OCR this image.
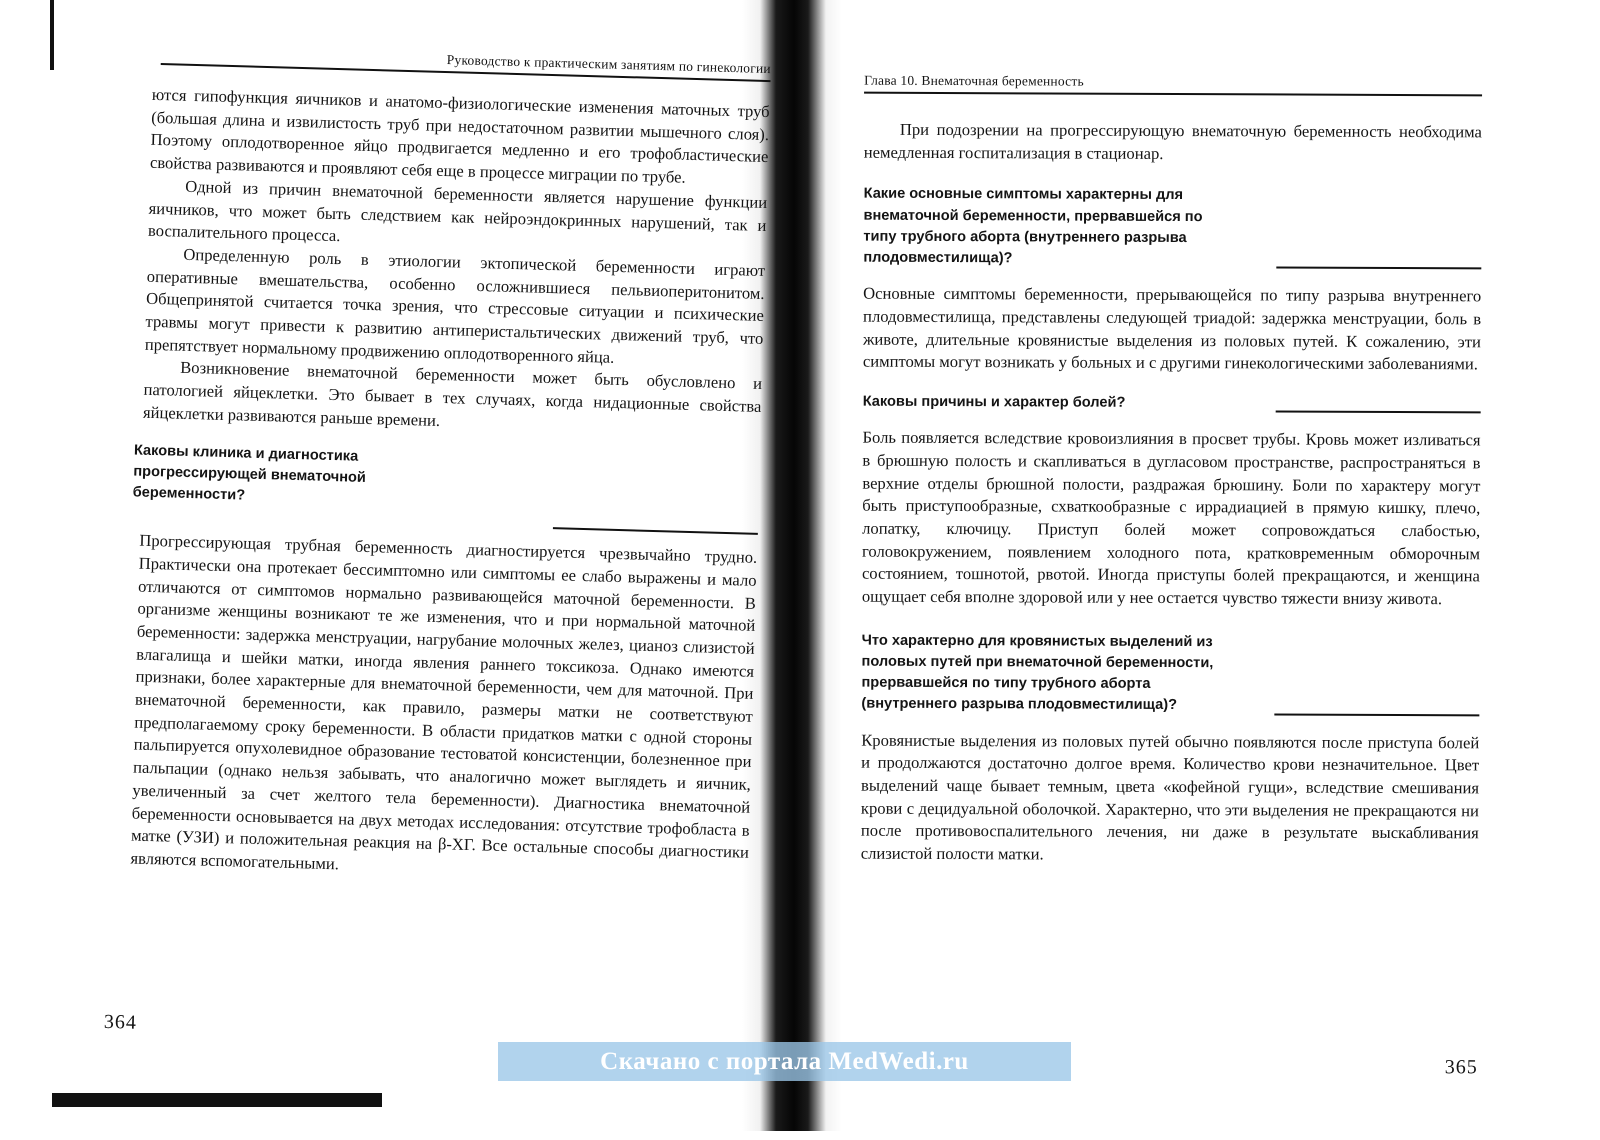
Руководство к практическим занятиям по гинекологии

ются гипофункция яичников и анатомо-физиологические изменения маточных труб (большая длина и извилистость труб при недостаточном развитии мышечного слоя). Поэтому оплодотворенное яйцо продвигается медленно и его трофобластические свойства развиваются и проявляют себя еще в процессе миграции по трубе.

Одной из причин внематочной беременности является нарушение функции яичников, что может быть следствием как нейроэндокринных нарушений, так и воспалительного процесса.

Определенную роль в этиологии эктопической беременности играют оперативные вмешательства, особенно осложнившиеся пельвиоперитонитом. Общепринятой считается точка зрения, что стрессовые ситуации и психические травмы могут привести к развитию антиперистальтических движений труб, что препятствует нормальному продвижению оплодотворенного яйца.

Возникновение внематочной беременности может быть обусловлено и патологией яйцеклетки. Это бывает в тех случаях, когда нидационные свойства яйцеклетки развиваются раньше времени.

Каковы клиника и диагностика прогрессирующей внематочной беременности?

Прогрессирующая трубная беременность диагностируется чрезвычайно трудно. Практически она протекает бессимптомно или симптомы ее слабо выражены и мало отличаются от симптомов нормально развивающейся маточной беременности. В организме женщины возникают те же изменения, что и при нормальной маточной беременности: задержка менструации, нагрубание молочных желез, цианоз слизистой влагалища и шейки матки, иногда явления раннего токсикоза. Однако имеются признаки, более характерные для внематочной беременности, чем для маточной. При внематочной беременности, как правило, размеры матки не соответствуют предполагаемому сроку беременности. В области придатков матки с одной стороны пальпируется опухолевидное образование тестоватой консистенции, болезненное при пальпации (однако нельзя забывать, что аналогично может выглядеть и яичник, увеличенный за счет желтого тела беременности). Диагностика внематочной беременности основывается на двух методах исследования: отсутствие трофобласта в матке (УЗИ) и положительная реакция на β-ХГ. Все остальные способы диагностики являются вспомогательными.

364
Глава 10. Внематочная беременность

При подозрении на прогрессирующую внематочную беременность необходима немедленная госпитализация в стационар.

Какие основные симптомы характерны для внематочной беременности, прервавшейся по типу трубного аборта (внутреннего разрыва плодовместилища)?

Основные симптомы беременности, прерывающейся по типу разрыва внутреннего плодовместилища, представлены следующей триадой: задержка менструации, боль в животе, длительные кровянистые выделения из половых путей. К сожалению, эти симптомы могут возникать у больных и с другими гинекологическими заболеваниями.

Каковы причины и характер болей?

Боль появляется вследствие кровоизлияния в просвет трубы. Кровь может изливаться в брюшную полость и скапливаться в дугласовом пространстве, распространяться в верхние отделы брюшной полости, раздражая брюшину. Боли по характеру могут быть приступообразные, схваткообразные с иррадиацией в прямую кишку, плечо, лопатку, ключицу. Приступ болей может сопровождаться слабостью, головокружением, появлением холодного пота, кратковременным обморочным состоянием, тошнотой, рвотой. Иногда приступы болей прекращаются, и женщина ощущает себя вполне здоровой или у нее остается чувство тяжести внизу живота.

Что характерно для кровянистых выделений из половых путей при внематочной беременности, прервавшейся по типу трубного аборта (внутреннего разрыва плодовместилища)?

Кровянистые выделения из половых путей обычно появляются после приступа болей и продолжаются достаточно долгое время. Количество крови незначительное. Цвет выделений чаще бывает темным, цвета «кофейной гущи», вследствие смешивания крови с децидуальной оболочкой. Характерно, что эти выделения не прекращаются ни после противовоспалительного лечения, ни даже в результате выскабливания слизистой полости матки.

365
Скачано с портала MedWedi.ru
